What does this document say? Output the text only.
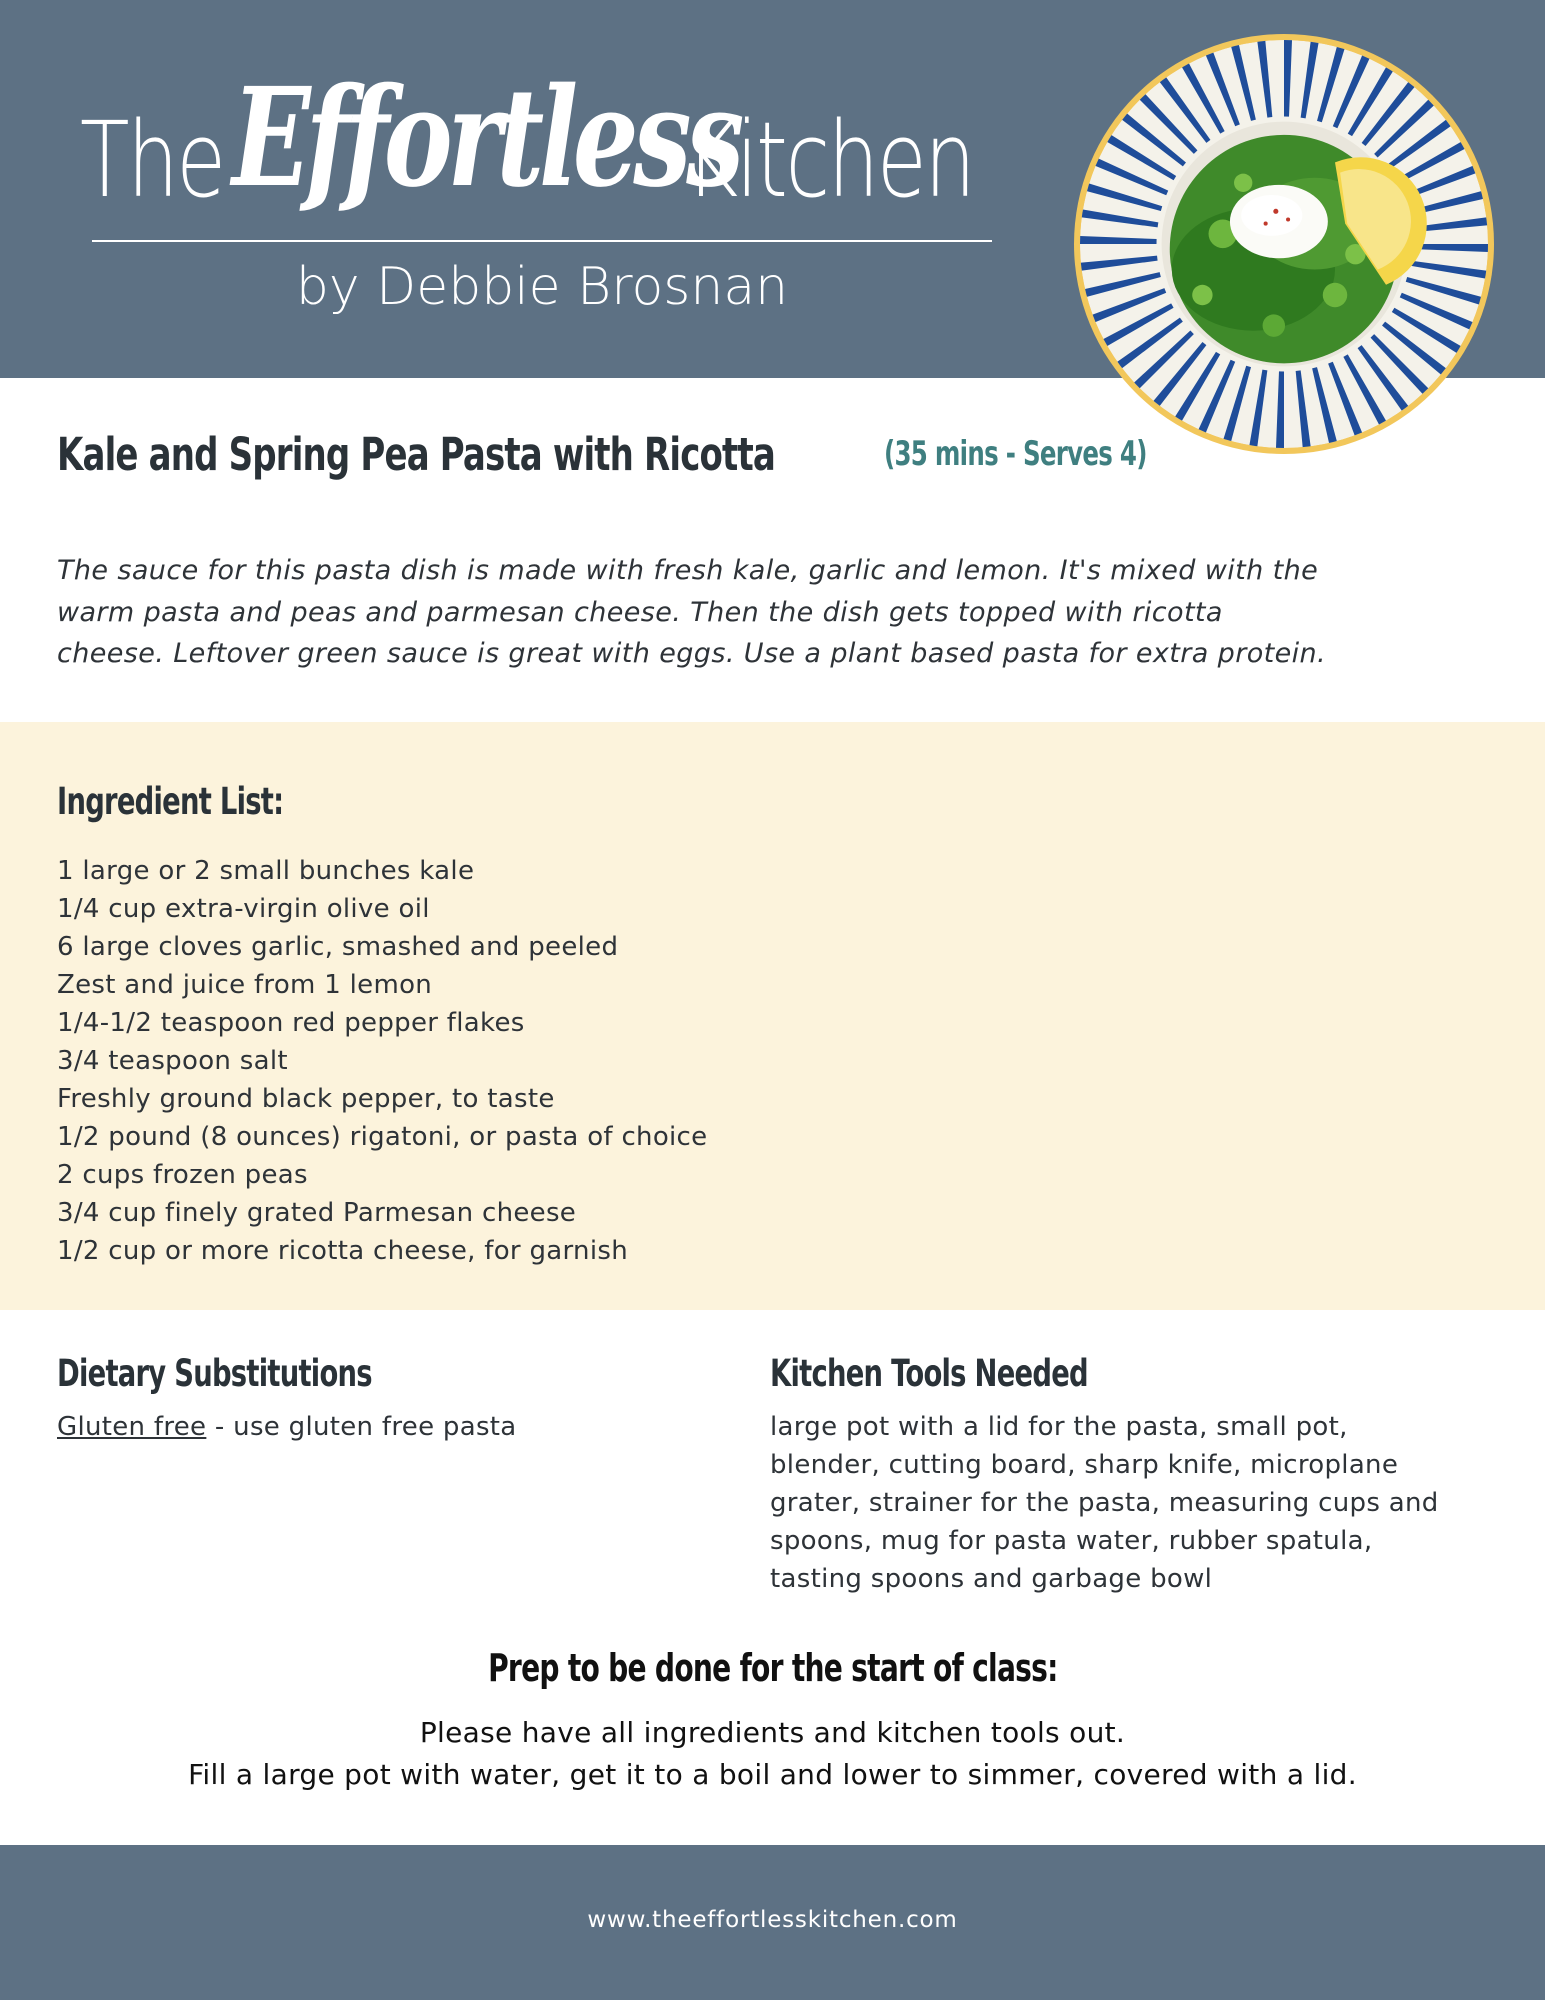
The Effortless
Kitchen
by Debbie Brosnan
Kale and Spring Pea Pasta with Ricotta	(35 mins - Serves 4)
The sauce for this pasta dish is made with fresh kale, garlic and lemon. It's mixed with the
warm pasta and peas and parmesan cheese. Then the dish gets topped with ricotta
cheese. Leftover green sauce is great with eggs. Use a plant based pasta for extra protein.
Ingredient List:
1 large or 2 small bunches kale
1/4 cup extra-virgin olive oil
6 large cloves garlic, smashed and peeled
Zest and juice from 1 lemon
1/4-1/2 teaspoon red pepper flakes
3/4 teaspoon salt
Freshly ground black pepper, to taste
1/2 pound (8 ounces) rigatoni, or pasta of choice
2 cups frozen peas
3/4 cup finely grated Parmesan cheese
1/2 cup or more ricotta cheese, for garnish
Dietary Substitutions
Gluten free - use gluten free pasta
Kitchen Tools Needed
large pot with a lid for the pasta, small pot,
blender, cutting board, sharp knife, microplane
grater, strainer for the pasta, measuring cups and
spoons, mug for pasta water, rubber spatula,
tasting spoons and garbage bowl
Prep to be done for the start of class:
Please have all ingredients and kitchen tools out.
Fill a large pot with water, get it to a boil and lower to simmer, covered with a lid.
www.theeffortlesskitchen.com
